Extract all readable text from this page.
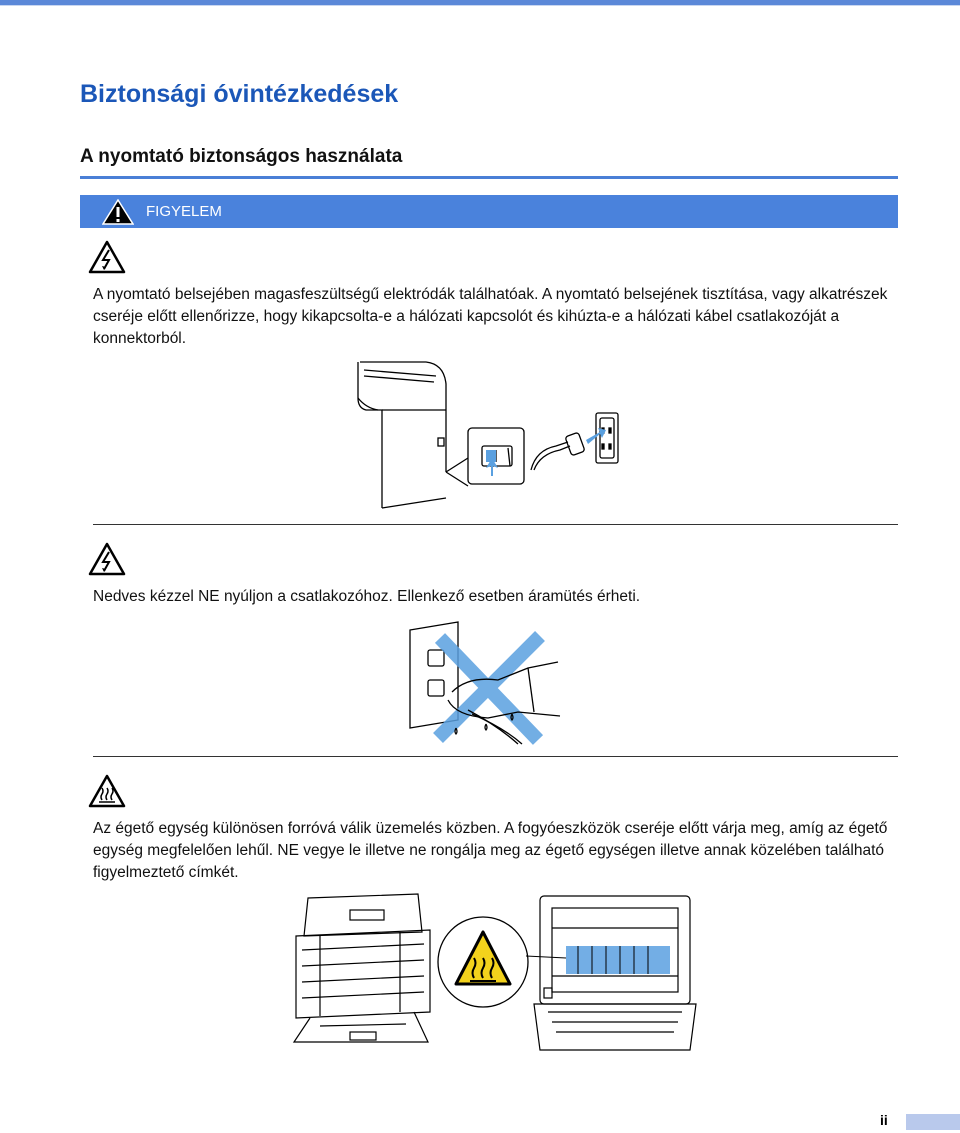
Biztonsági óvintézkedések
A nyomtató biztonságos használata
FIGYELEM
A nyomtató belsejében magasfeszültségű elektródák találhatóak. A nyomtató belsejének tisztítása, vagy alkatrészek cseréje előtt ellenőrizze, hogy kikapcsolta-e a hálózati kapcsolót és kihúzta-e a hálózati kábel csatlakozóját a konnektorból.
Nedves kézzel NE nyúljon a csatlakozóhoz. Ellenkező esetben áramütés érheti.
Az égető egység különösen forróvá válik üzemelés közben. A fogyóeszközök cseréje előtt várja meg, amíg az égető egység megfelelően lehűl. NE vegye le illetve ne rongálja meg az égető egységen illetve annak közelében található figyelmeztető címkét.
ii
